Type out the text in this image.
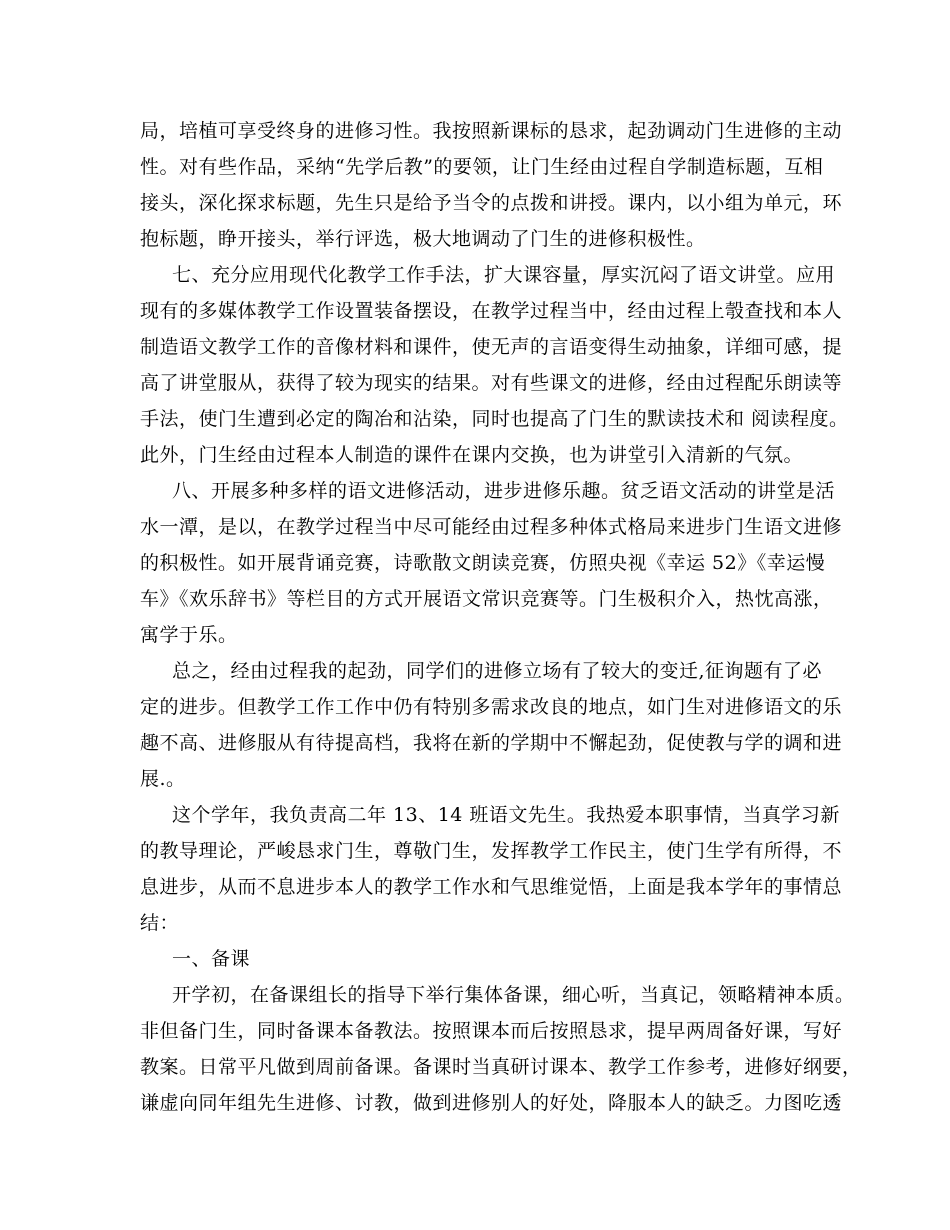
局，培植可享受终身的进修习性。我按照新课标的恳求，起劲调动门生进修的主动
性。对有些作品，采纳“先学后教”的要领，让门生经由过程自学制造标题，互相
接头，深化探求标题，先生只是给予当令的点拨和讲授。课内，以小组为单元，环
抱标题，睁开接头，举行评选，极大地调动了门生的进修积极性。
七、充分应用现代化教学工作手法，扩大课容量，厚实沉闷了语文讲堂。应用
现有的多媒体教学工作设置装备摆设，在教学过程当中，经由过程上彀查找和本人
制造语文教学工作的音像材料和课件，使无声的言语变得生动抽象，详细可感，提
高了讲堂服从，获得了较为现实的结果。对有些课文的进修，经由过程配乐朗读等
手法，使门生遭到必定的陶冶和沾染，同时也提高了门生的默读技术和 阅读程度。
此外，门生经由过程本人制造的课件在课内交换，也为讲堂引入清新的气氛。
八、开展多种多样的语文进修活动，进步进修乐趣。贫乏语文活动的讲堂是活
水一潭，是以，在教学过程当中尽可能经由过程多种体式格局来进步门生语文进修
的积极性。如开展背诵竞赛，诗歌散文朗读竞赛，仿照央视《幸运 52》《幸运慢
车》《欢乐辞书》等栏目的方式开展语文常识竞赛等。门生极积介入，热忱高涨，
寓学于乐。
总之，经由过程我的起劲，同学们的进修立场有了较大的变迁,征询题有了必
定的进步。但教学工作工作中仍有特别多需求改良的地点，如门生对进修语文的乐
趣不高、进修服从有待提高档，我将在新的学期中不懈起劲，促使教与学的调和进
展.。
这个学年，我负责高二年 13、14 班语文先生。我热爱本职事情，当真学习新
的教导理论，严峻恳求门生，尊敬门生，发挥教学工作民主，使门生学有所得，不
息进步，从而不息进步本人的教学工作水和气思维觉悟，上面是我本学年的事情总
结：
一、备课
开学初，在备课组长的指导下举行集体备课，细心听，当真记，领略精神本质。
非但备门生，同时备课本备教法。按照课本而后按照恳求，提早两周备好课，写好
教案。日常平凡做到周前备课。备课时当真研讨课本、教学工作参考，进修好纲要，
谦虚向同年组先生进修、讨教，做到进修别人的好处，降服本人的缺乏。力图吃透
